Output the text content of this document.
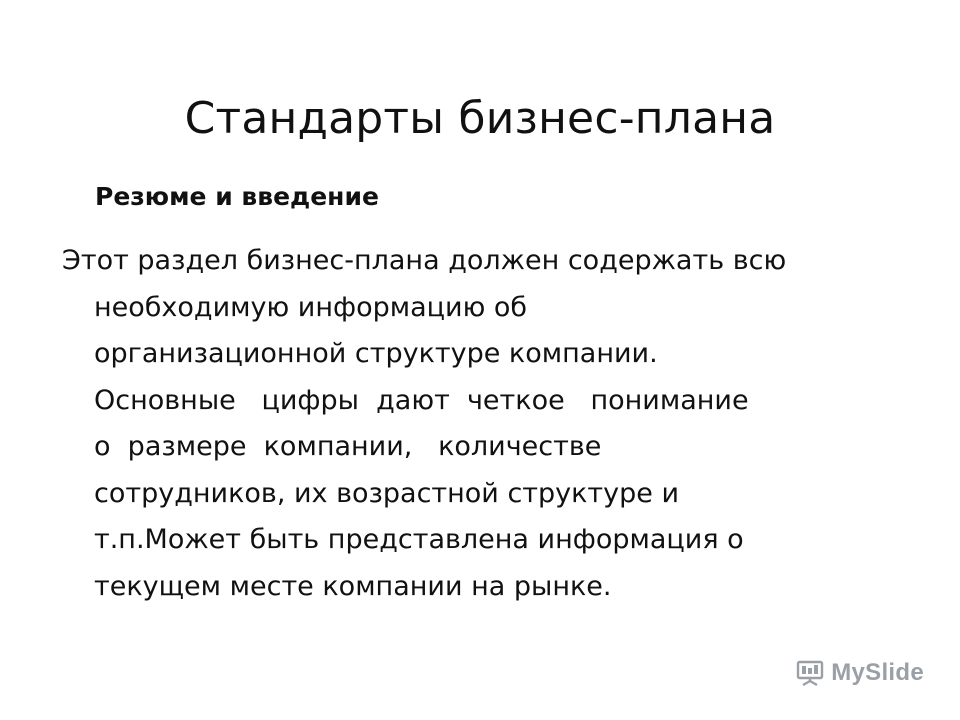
Стандарты бизнес-плана
Резюме и введение
Этот раздел бизнес-плана должен содержать всю
необходимую информацию об
организационной структуре компании.
Основные   цифры  дают  четкое   понимание
о  размере  компании,   количестве
сотрудников, их возрастной структуре и
т.п.Может быть представлена информация о
текущем месте компании на рынке.
MySlide
